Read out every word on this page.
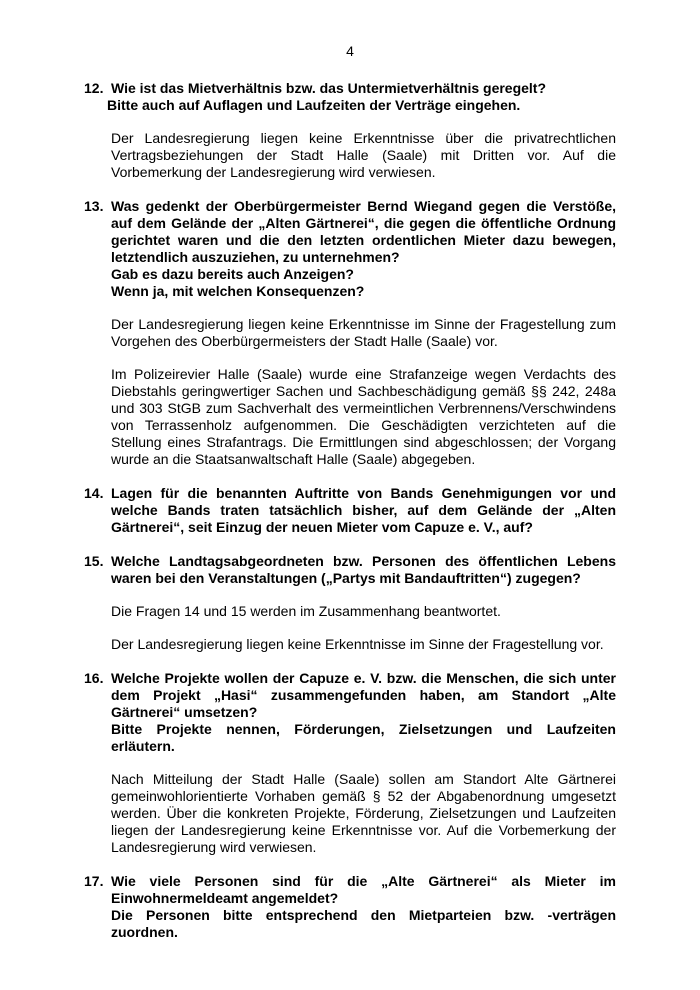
4
12. Wie ist das Mietverhältnis bzw. das Untermietverhältnis geregelt?
Bitte auch auf Auflagen und Laufzeiten der Verträge eingehen.
Der Landesregierung liegen keine Erkenntnisse über die privatrechtlichen Vertragsbeziehungen der Stadt Halle (Saale) mit Dritten vor. Auf die Vorbemerkung der Landesregierung wird verwiesen.
13. Was gedenkt der Oberbürgermeister Bernd Wiegand gegen die Verstöße, auf dem Gelände der „Alten Gärtnerei“, die gegen die öffentliche Ordnung gerichtet waren und die den letzten ordentlichen Mieter dazu bewegen, letztendlich auszuziehen, zu unternehmen?
Gab es dazu bereits auch Anzeigen?
Wenn ja, mit welchen Konsequenzen?
Der Landesregierung liegen keine Erkenntnisse im Sinne der Fragestellung zum Vorgehen des Oberbürgermeisters der Stadt Halle (Saale) vor.
Im Polizeirevier Halle (Saale) wurde eine Strafanzeige wegen Verdachts des Diebstahls geringwertiger Sachen und Sachbeschädigung gemäß §§ 242, 248a und 303 StGB zum Sachverhalt des vermeintlichen Verbrennens/Verschwindens von Terrassenholz aufgenommen. Die Geschädigten verzichteten auf die Stellung eines Strafantrags. Die Ermittlungen sind abgeschlossen; der Vorgang wurde an die Staatsanwaltschaft Halle (Saale) abgegeben.
14. Lagen für die benannten Auftritte von Bands Genehmigungen vor und welche Bands traten tatsächlich bisher, auf dem Gelände der „Alten Gärtnerei“, seit Einzug der neuen Mieter vom Capuze e. V., auf?
15. Welche Landtagsabgeordneten bzw. Personen des öffentlichen Lebens waren bei den Veranstaltungen („Partys mit Bandauftritten“) zugegen?
Die Fragen 14 und 15 werden im Zusammenhang beantwortet.
Der Landesregierung liegen keine Erkenntnisse im Sinne der Fragestellung vor.
16. Welche Projekte wollen der Capuze e. V. bzw. die Menschen, die sich unter dem Projekt „Hasi“ zusammengefunden haben, am Standort „Alte Gärtnerei“ umsetzen?
Bitte Projekte nennen, Förderungen, Zielsetzungen und Laufzeiten erläutern.
Nach Mitteilung der Stadt Halle (Saale) sollen am Standort Alte Gärtnerei gemeinwohlorientierte Vorhaben gemäß § 52 der Abgabenordnung umgesetzt werden. Über die konkreten Projekte, Förderung, Zielsetzungen und Laufzeiten liegen der Landesregierung keine Erkenntnisse vor. Auf die Vorbemerkung der Landesregierung wird verwiesen.
17. Wie viele Personen sind für die „Alte Gärtnerei“ als Mieter im Einwohnermeldeamt angemeldet?
Die Personen bitte entsprechend den Mietparteien bzw. -verträgen zuordnen.
